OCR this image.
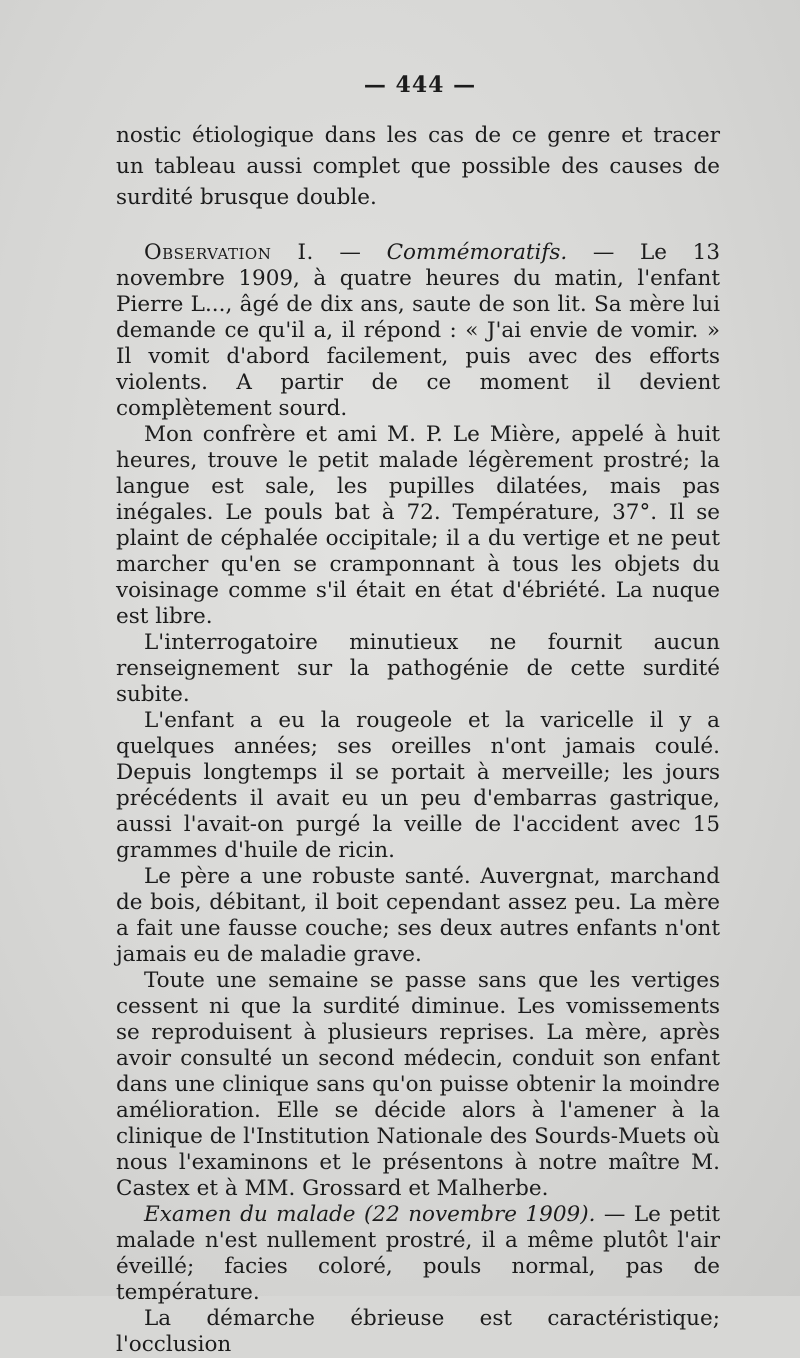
— 444 —

nostic étiologique dans les cas de ce genre et tracer un tableau aussi complet que possible des causes de surdité brusque double.

Observation I. — Commémoratifs. — Le 13 novembre 1909, à quatre heures du matin, l'enfant Pierre L..., âgé de dix ans, saute de son lit. Sa mère lui demande ce qu'il a, il répond : « J'ai envie de vomir. » Il vomit d'abord facilement, puis avec des efforts violents. A partir de ce moment il devient complètement sourd.

Mon confrère et ami M. P. Le Mière, appelé à huit heures, trouve le petit malade légèrement prostré; la langue est sale, les pupilles dilatées, mais pas inégales. Le pouls bat à 72. Température, 37°. Il se plaint de céphalée occipitale; il a du vertige et ne peut marcher qu'en se cramponnant à tous les objets du voisinage comme s'il était en état d'ébriété. La nuque est libre.

L'interrogatoire minutieux ne fournit aucun renseignement sur la pathogénie de cette surdité subite.

L'enfant a eu la rougeole et la varicelle il y a quelques années; ses oreilles n'ont jamais coulé. Depuis longtemps il se portait à merveille; les jours précédents il avait eu un peu d'embarras gastrique, aussi l'avait-on purgé la veille de l'accident avec 15 grammes d'huile de ricin.

Le père a une robuste santé. Auvergnat, marchand de bois, débitant, il boit cependant assez peu. La mère a fait une fausse couche; ses deux autres enfants n'ont jamais eu de maladie grave.

Toute une semaine se passe sans que les vertiges cessent ni que la surdité diminue. Les vomissements se reproduisent à plusieurs reprises. La mère, après avoir consulté un second médecin, conduit son enfant dans une clinique sans qu'on puisse obtenir la moindre amélioration. Elle se décide alors à l'amener à la clinique de l'Institution Nationale des Sourds-Muets où nous l'examinons et le présentons à notre maître M. Castex et à MM. Grossard et Malherbe.

Examen du malade (22 novembre 1909). — Le petit malade n'est nullement prostré, il a même plutôt l'air éveillé; facies coloré, pouls normal, pas de température.

La démarche ébrieuse est caractéristique; l'occlusion
